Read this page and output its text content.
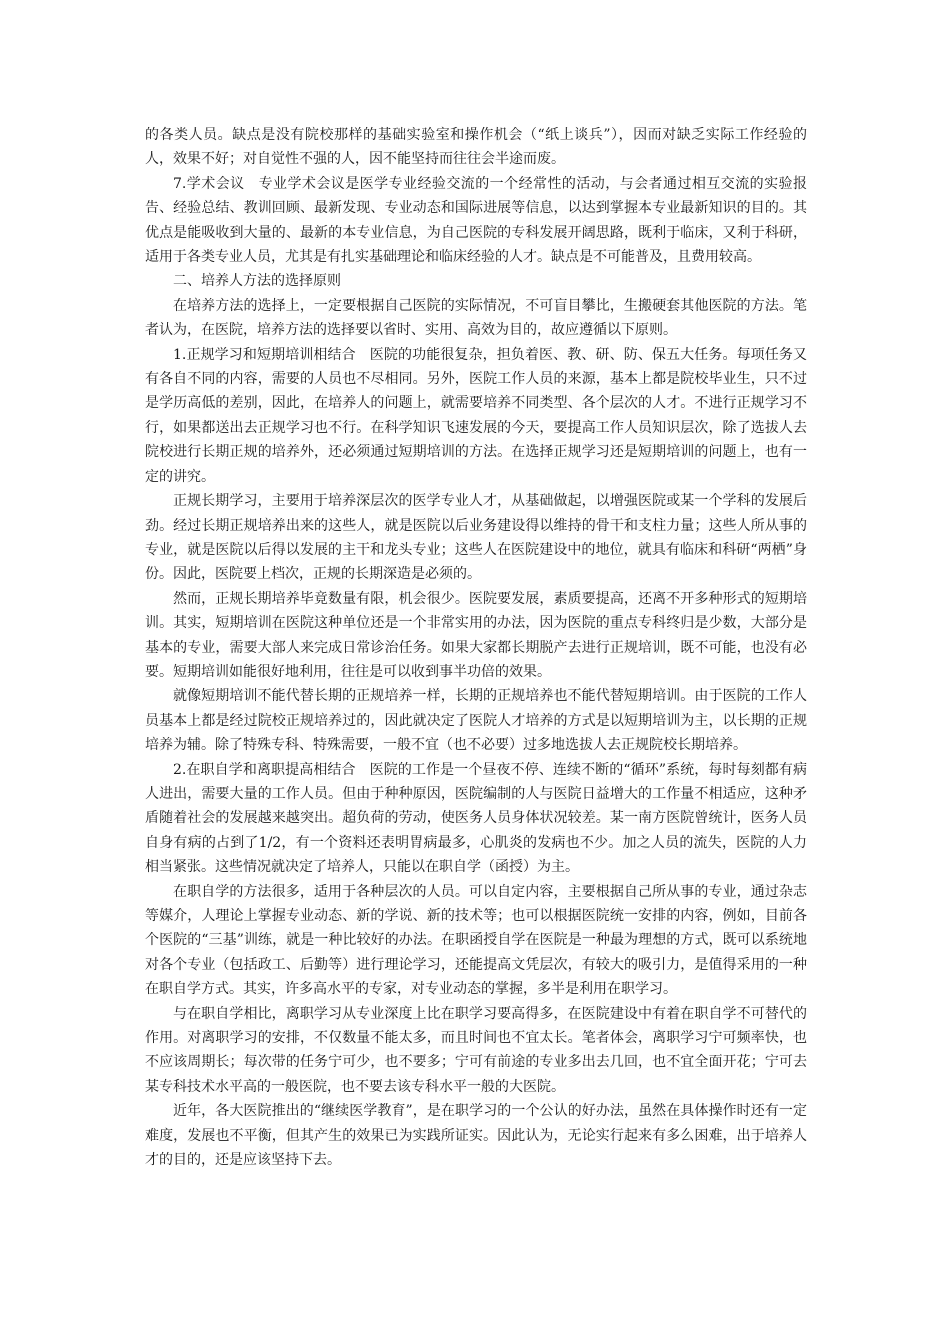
的各类人员。缺点是没有院校那样的基础实验室和操作机会（“纸上谈兵”），因而对缺乏实际工作经验的人，效果不好；对自觉性不强的人，因不能坚持而往往会半途而废。

7.学术会议 专业学术会议是医学专业经验交流的一个经常性的活动，与会者通过相互交流的实验报告、经验总结、教训回顾、最新发现、专业动态和国际进展等信息，以达到掌握本专业最新知识的目的。其优点是能吸收到大量的、最新的本专业信息，为自己医院的专科发展开阔思路，既利于临床，又利于科研，适用于各类专业人员，尤其是有扎实基础理论和临床经验的人才。缺点是不可能普及，且费用较高。

二、培养人方法的选择原则

在培养方法的选择上，一定要根据自己医院的实际情况，不可盲目攀比，生搬硬套其他医院的方法。笔者认为，在医院，培养方法的选择要以省时、实用、高效为目的，故应遵循以下原则。

1.正规学习和短期培训相结合 医院的功能很复杂，担负着医、教、研、防、保五大任务。每项任务又有各自不同的内容，需要的人员也不尽相同。另外，医院工作人员的来源，基本上都是院校毕业生，只不过是学历高低的差别，因此，在培养人的问题上，就需要培养不同类型、各个层次的人才。不进行正规学习不行，如果都送出去正规学习也不行。在科学知识飞速发展的今天，要提高工作人员知识层次，除了选拔人去院校进行长期正规的培养外，还必须通过短期培训的方法。在选择正规学习还是短期培训的问题上，也有一定的讲究。

正规长期学习，主要用于培养深层次的医学专业人才，从基础做起，以增强医院或某一个学科的发展后劲。经过长期正规培养出来的这些人，就是医院以后业务建设得以维持的骨干和支柱力量；这些人所从事的专业，就是医院以后得以发展的主干和龙头专业；这些人在医院建设中的地位，就具有临床和科研“两栖”身份。因此，医院要上档次，正规的长期深造是必须的。

然而，正规长期培养毕竟数量有限，机会很少。医院要发展，素质要提高，还离不开多种形式的短期培训。其实，短期培训在医院这种单位还是一个非常实用的办法，因为医院的重点专科终归是少数，大部分是基本的专业，需要大部人来完成日常诊治任务。如果大家都长期脱产去进行正规培训，既不可能，也没有必要。短期培训如能很好地利用，往往是可以收到事半功倍的效果。

就像短期培训不能代替长期的正规培养一样，长期的正规培养也不能代替短期培训。由于医院的工作人员基本上都是经过院校正规培养过的，因此就决定了医院人才培养的方式是以短期培训为主，以长期的正规培养为辅。除了特殊专科、特殊需要，一般不宜（也不必要）过多地选拔人去正规院校长期培养。

2.在职自学和离职提高相结合 医院的工作是一个昼夜不停、连续不断的“循环”系统，每时每刻都有病人进出，需要大量的工作人员。但由于种种原因，医院编制的人与医院日益增大的工作量不相适应，这种矛盾随着社会的发展越来越突出。超负荷的劳动，使医务人员身体状况较差。某一南方医院曾统计，医务人员自身有病的占到了1/2，有一个资料还表明胃病最多，心肌炎的发病也不少。加之人员的流失，医院的人力相当紧张。这些情况就决定了培养人，只能以在职自学（函授）为主。

在职自学的方法很多，适用于各种层次的人员。可以自定内容，主要根据自己所从事的专业，通过杂志等媒介，人理论上掌握专业动态、新的学说、新的技术等；也可以根据医院统一安排的内容，例如，目前各个医院的“三基”训练，就是一种比较好的办法。在职函授自学在医院是一种最为理想的方式，既可以系统地对各个专业（包括政工、后勤等）进行理论学习，还能提高文凭层次，有较大的吸引力，是值得采用的一种在职自学方式。其实，许多高水平的专家，对专业动态的掌握，多半是利用在职学习。

与在职自学相比，离职学习从专业深度上比在职学习要高得多，在医院建设中有着在职自学不可替代的作用。对离职学习的安排，不仅数量不能太多，而且时间也不宜太长。笔者体会，离职学习宁可频率快，也不应该周期长；每次带的任务宁可少，也不要多；宁可有前途的专业多出去几回，也不宜全面开花；宁可去某专科技术水平高的一般医院，也不要去该专科水平一般的大医院。

近年，各大医院推出的“继续医学教育”，是在职学习的一个公认的好办法，虽然在具体操作时还有一定难度，发展也不平衡，但其产生的效果已为实践所证实。因此认为，无论实行起来有多么困难，出于培养人才的目的，还是应该坚持下去。
